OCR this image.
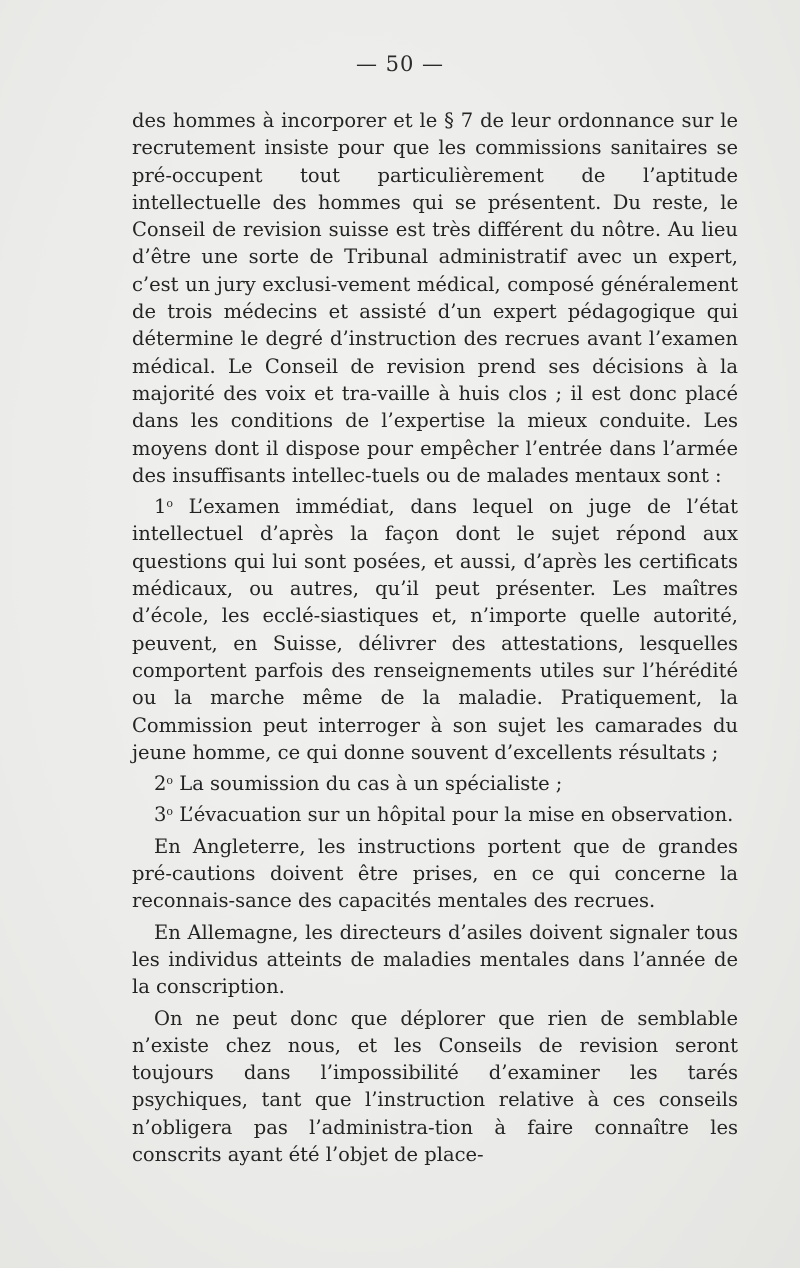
— 50 —

des hommes à incorporer et le § 7 de leur ordonnance sur le recrutement insiste pour que les commissions sanitaires se pré-occupent tout particulièrement de l’aptitude intellectuelle des hommes qui se présentent. Du reste, le Conseil de revision suisse est très différent du nôtre. Au lieu d’être une sorte de Tribunal administratif avec un expert, c’est un jury exclusi-vement médical, composé généralement de trois médecins et assisté d’un expert pédagogique qui détermine le degré d’instruction des recrues avant l’examen médical. Le Conseil de revision prend ses décisions à la majorité des voix et tra-vaille à huis clos ; il est donc placé dans les conditions de l’expertise la mieux conduite. Les moyens dont il dispose pour empêcher l’entrée dans l’armée des insuffisants intellec-tuels ou de malades mentaux sont :

1$^o$ L’examen immédiat, dans lequel on juge de l’état intellectuel d’après la façon dont le sujet répond aux questions qui lui sont posées, et aussi, d’après les certificats médicaux, ou autres, qu’il peut présenter. Les maîtres d’école, les ecclé-siastiques et, n’importe quelle autorité, peuvent, en Suisse, délivrer des attestations, lesquelles comportent parfois des renseignements utiles sur l’hérédité ou la marche même de la maladie. Pratiquement, la Commission peut interroger à son sujet les camarades du jeune homme, ce qui donne souvent d’excellents résultats ;

2$^o$ La soumission du cas à un spécialiste ;

3$^o$ L’évacuation sur un hôpital pour la mise en observation.

En Angleterre, les instructions portent que de grandes pré-cautions doivent être prises, en ce qui concerne la reconnais-sance des capacités mentales des recrues.

En Allemagne, les directeurs d’asiles doivent signaler tous les individus atteints de maladies mentales dans l’année de la conscription.

On ne peut donc que déplorer que rien de semblable n’existe chez nous, et les Conseils de revision seront toujours dans l’impossibilité d’examiner les tarés psychiques, tant que l’instruction relative à ces conseils n’obligera pas l’administra-tion à faire connaître les conscrits ayant été l’objet de place-
